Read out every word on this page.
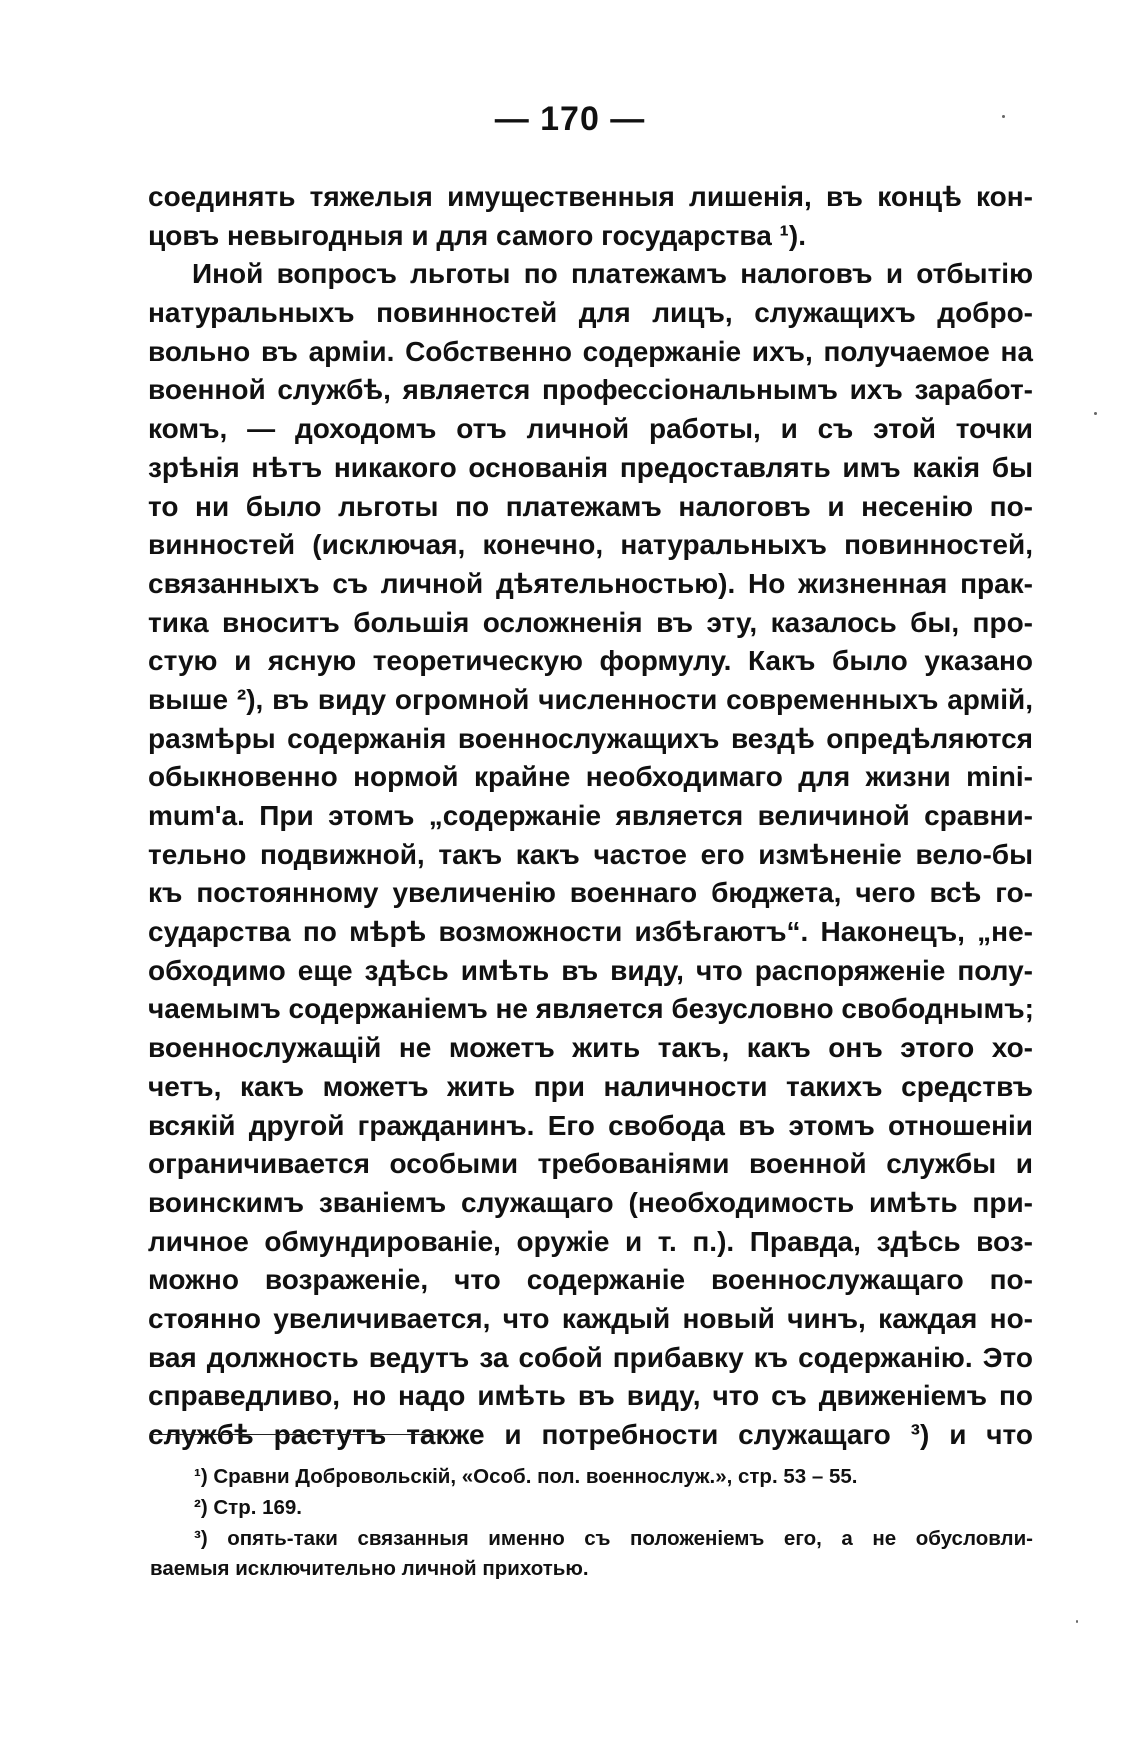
— 170 —
соединять тяжелыя имущественныя лишенія, въ концѣ кон-
цовъ невыгодныя и для самого государства ¹).
Иной вопросъ льготы по платежамъ налоговъ и отбытію
натуральныхъ повинностей для лицъ, служащихъ добро-
вольно въ арміи. Собственно содержаніе ихъ, получаемое на
военной службѣ, является профессіональнымъ ихъ заработ-
комъ, — доходомъ отъ личной работы, и съ этой точки
зрѣнія нѣтъ никакого основанія предоставлять имъ какія бы
то ни было льготы по платежамъ налоговъ и несенію по-
винностей (исключая, конечно, натуральныхъ повинностей,
связанныхъ съ личной дѣятельностью). Но жизненная прак-
тика вноситъ большія осложненія въ эту, казалось бы, про-
стую и ясную теоретическую формулу. Какъ было указано
выше ²), въ виду огромной численности современныхъ армій,
размѣры содержанія военнослужащихъ вездѣ опредѣляются
обыкновенно нормой крайне необходимаго для жизни mini-
mum'а. При этомъ „содержаніе является величиной сравни-
тельно подвижной, такъ какъ частое его измѣненіе вело-бы
къ постоянному увеличенію военнаго бюджета, чего всѣ го-
сударства по мѣрѣ возможности избѣгаютъ“. Наконецъ, „не-
обходимо еще здѣсь имѣть въ виду, что распоряженіе полу-
чаемымъ содержаніемъ не является безусловно свободнымъ;
военнослужащій не можетъ жить такъ, какъ онъ этого хо-
четъ, какъ можетъ жить при наличности такихъ средствъ
всякій другой гражданинъ. Его свобода въ этомъ отношеніи
ограничивается особыми требованіями военной службы и
воинскимъ званіемъ служащаго (необходимость имѣть при-
личное обмундированіе, оружіе и т. п.). Правда, здѣсь воз-
можно возраженіе, что содержаніе военнослужащаго по-
стоянно увеличивается, что каждый новый чинъ, каждая но-
вая должность ведутъ за собой прибавку къ содержанію. Это
справедливо, но надо имѣть въ виду, что съ движеніемъ по
службѣ растутъ также и потребности служащаго ³) и что
¹) Сравни Добровольскій, «Особ. пол. военнослуж.», стр. 53 – 55.
²) Стр. 169.
³) опять-таки связанныя именно съ положеніемъ его, а не обусловли-
ваемыя исключительно личной прихотью.
